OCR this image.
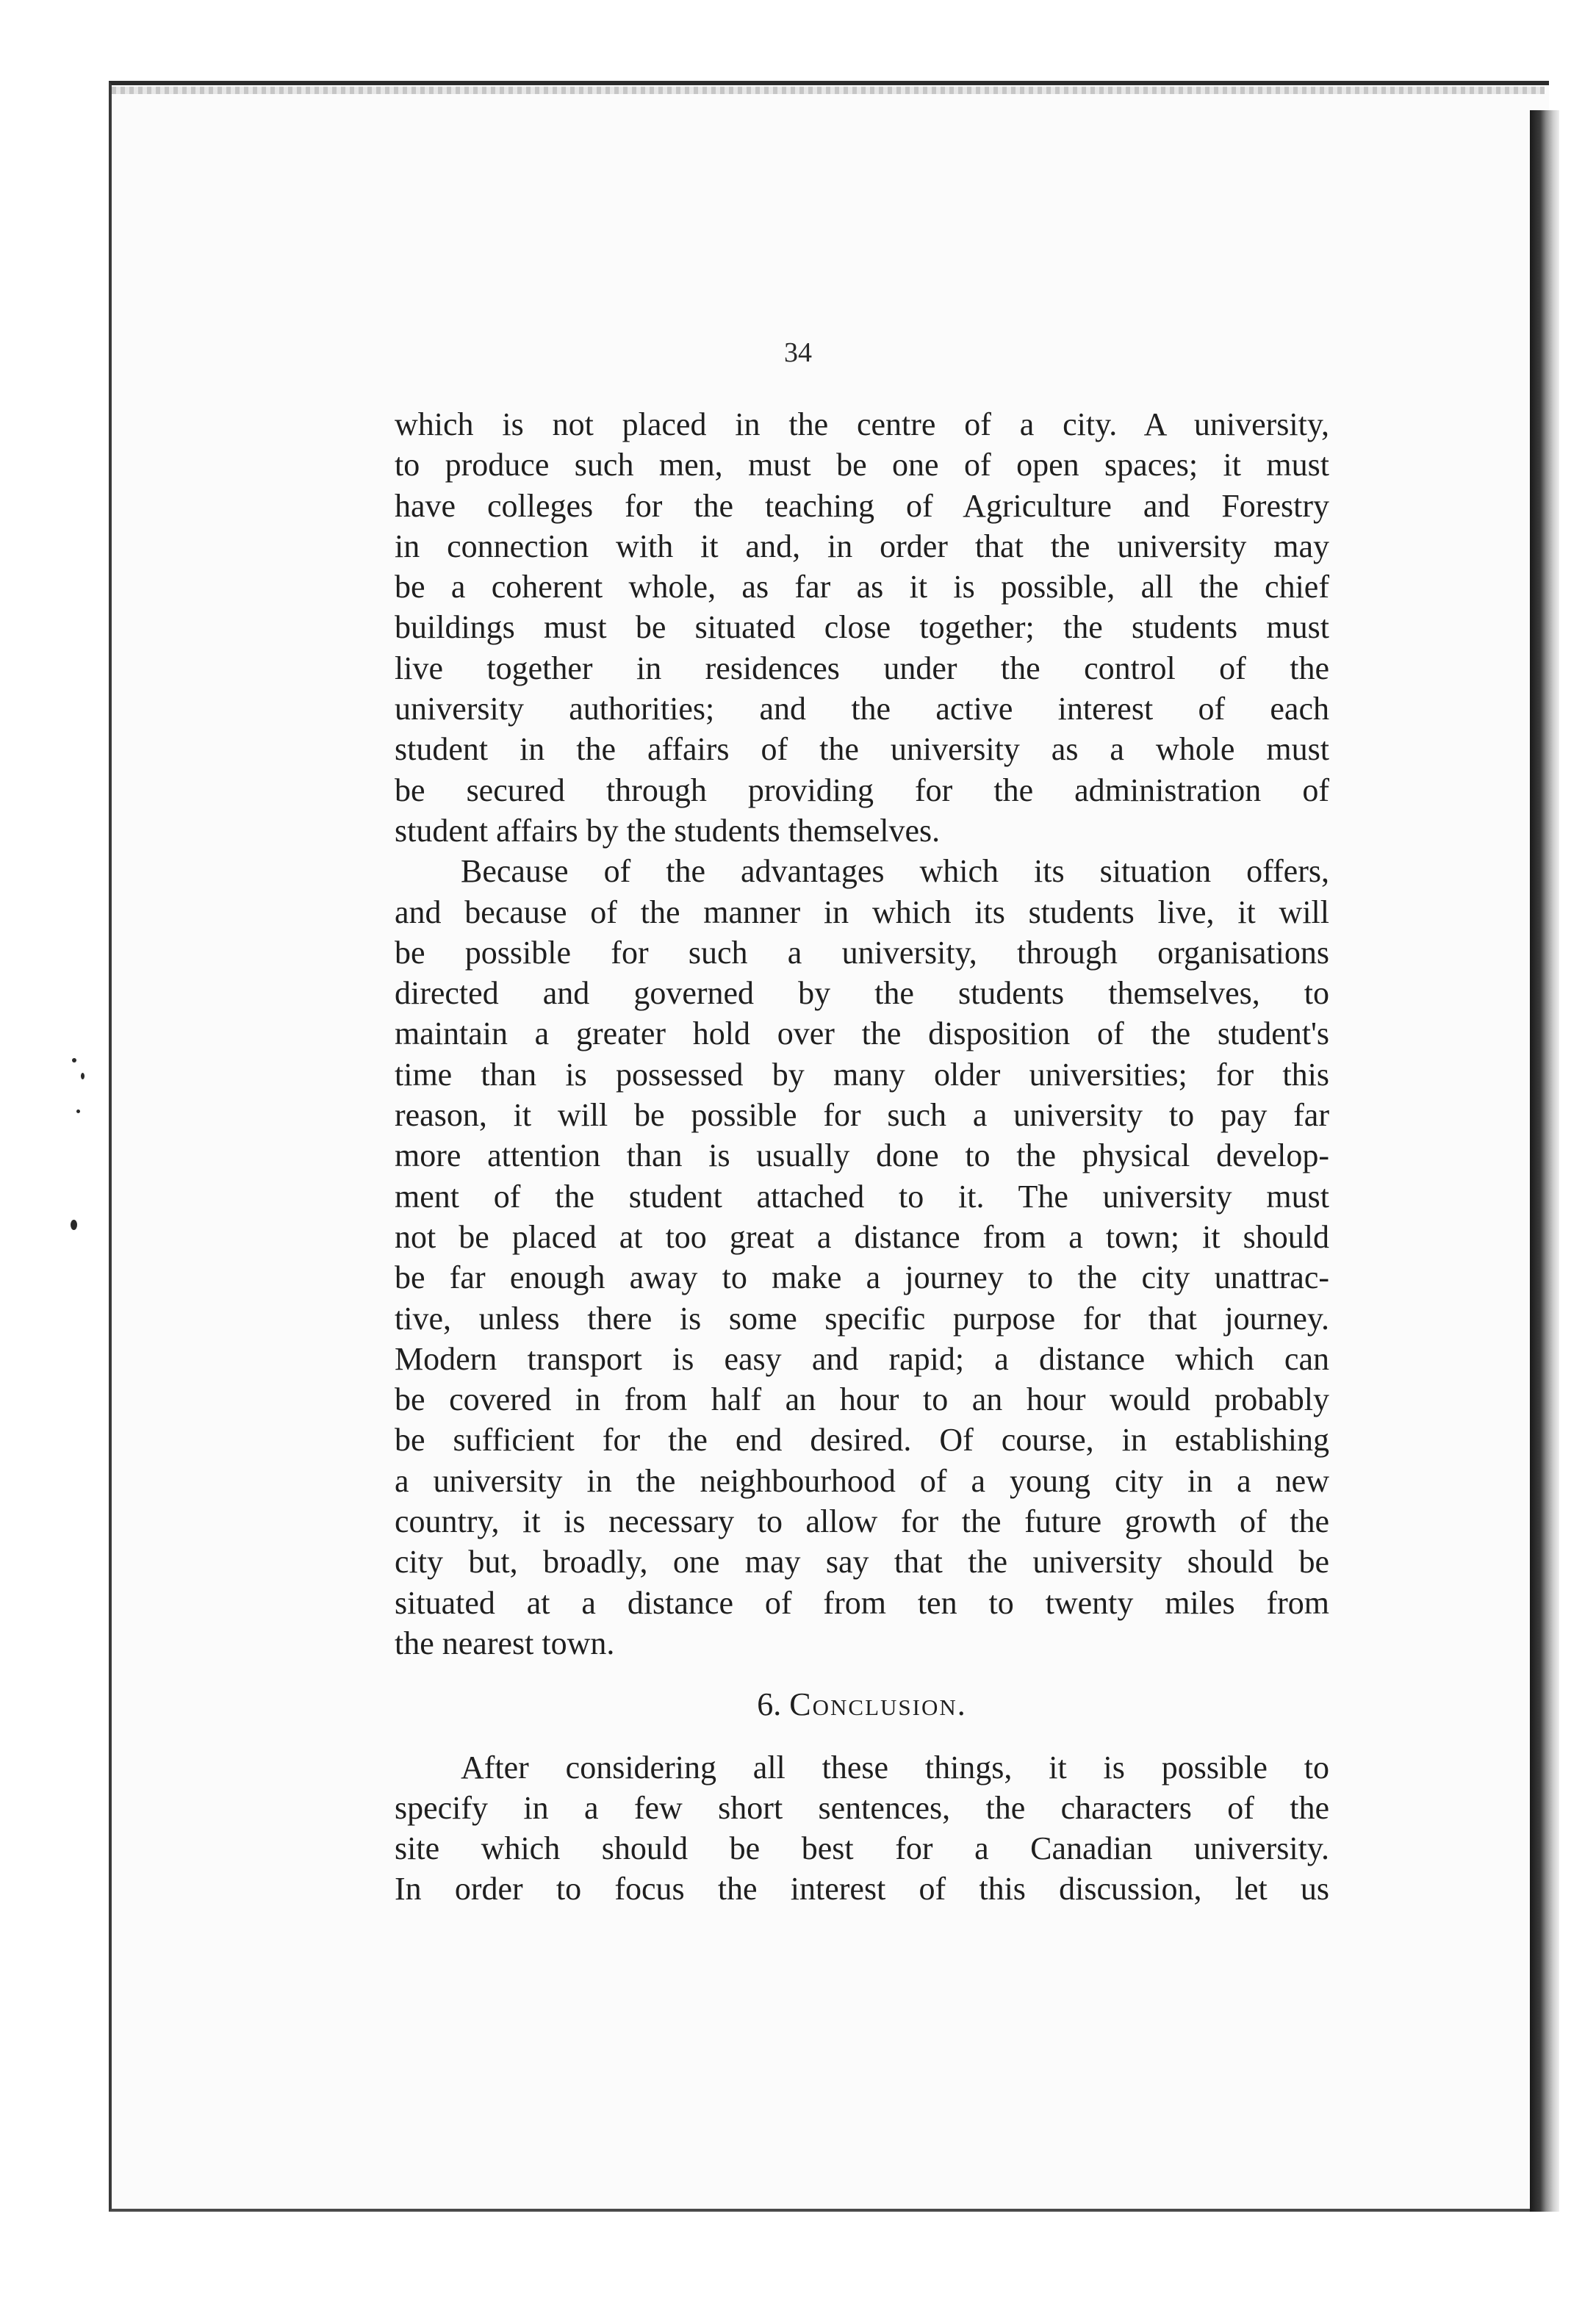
34
which is not placed in the centre of a city. A university,
to produce such men, must be one of open spaces; it must
have colleges for the teaching of Agriculture and Forestry
in connection with it and, in order that the university may
be a coherent whole, as far as it is possible, all the chief
buildings must be situated close together; the students must
live together in residences under the control of the
university authorities; and the active interest of each
student in the affairs of the university as a whole must
be secured through providing for the administration of
student affairs by the students themselves.
Because of the advantages which its situation offers,
and because of the manner in which its students live, it will
be possible for such a university, through organisations
directed and governed by the students themselves, to
maintain a greater hold over the disposition of the student's
time than is possessed by many older universities; for this
reason, it will be possible for such a university to pay far
more attention than is usually done to the physical develop-
ment of the student attached to it. The university must
not be placed at too great a distance from a town; it should
be far enough away to make a journey to the city unattrac-
tive, unless there is some specific purpose for that journey.
Modern transport is easy and rapid; a distance which can
be covered in from half an hour to an hour would probably
be sufficient for the end desired. Of course, in establishing
a university in the neighbourhood of a young city in a new
country, it is necessary to allow for the future growth of the
city but, broadly, one may say that the university should be
situated at a distance of from ten to twenty miles from
the nearest town.
6. Conclusion.
After considering all these things, it is possible to
specify in a few short sentences, the characters of the
site which should be best for a Canadian university.
In order to focus the interest of this discussion, let us
